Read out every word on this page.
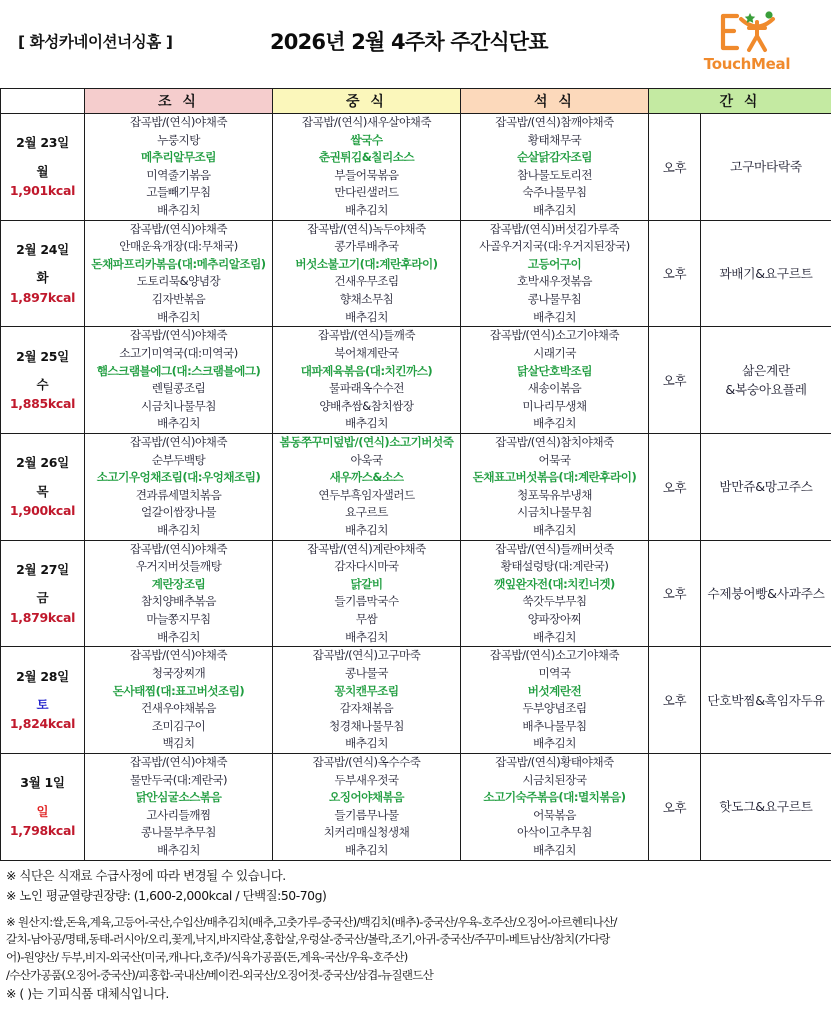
[ 화성카네이션너싱홈 ]	2026년 2월 4주차 주간식단표
TouchMeal
	조 식	중 식	석 식	간 식	

2월 23일
월
1,901kcal

잡곡밥/(연식)야채죽
누룽지탕
메추리알무조림
미역줄기볶음
고들빼기무침
배추김치

잡곡밥/(연식)새우살야채죽
쌀국수
춘권튀김&칠리소스
부들어묵볶음
만다린샐러드
배추김치

잡곡밥/(연식)참깨야채죽
황태채무국
순살닭감자조림
참나물도토리전
숙주나물무침
배추김치
	오후	고구마타락죽

2월 24일
화
1,897kcal

잡곡밥/(연식)야채죽
안매운육개장(대:무채국)
돈채파프리카볶음(대:메추리알조림)
도토리묵&양념장
김자반볶음
배추김치

잡곡밥/(연식)녹두야채죽
콩가루배추국
버섯소불고기(대:계란후라이)
건새우무조림
향채소무침
배추김치

잡곡밥/(연식)버섯김가루죽
사골우거지국(대:우거지된장국)
고등어구이
호박새우젓볶음
콩나물무침
배추김치
	오후	꽈배기&요구르트

2월 25일
수
1,885kcal

잡곡밥/(연식)야채죽
소고기미역국(대:미역국)
햄스크램블에그(대:스크램블에그)
렌틸콩조림
시금치나물무침
배추김치

잡곡밥/(연식)들깨죽
북어채계란국
대파제육볶음(대:치킨까스)
물파래옥수수전
양배추쌈&참치쌈장
배추김치

잡곡밥/(연식)소고기야채죽
시래기국
닭살단호박조림
새송이볶음
미나리무생채
배추김치
	오후	삶은계란
&복숭아요플레

2월 26일
목
1,900kcal

잡곡밥/(연식)야채죽
순부두백탕
소고기우엉채조림(대:우엉채조림)
견과류세멸치볶음
얼갈이쌈장나물
배추김치

봄동쭈꾸미덮밥/(연식)소고기버섯죽
아욱국
새우까스&소스
연두부흑임자샐러드
요구르트
배추김치

잡곡밥/(연식)참치야채죽
어묵국
돈채표고버섯볶음(대:계란후라이)
청포묵유부냉채
시금치나물무침
배추김치
	오후	밤만쥬&망고주스

2월 27일
금
1,879kcal

잡곡밥/(연식)야채죽
우거지버섯들깨탕
계란장조림
참치양배추볶음
마늘쫑지무침
배추김치

잡곡밥/(연식)계란야채죽
감자다시마국
닭갈비
들기름막국수
무쌈
배추김치

잡곡밥/(연식)들깨버섯죽
황태설렁탕(대:계란국)
깻잎완자전(대:치킨너겟)
쑥갓두부무침
양파장아찌
배추김치
	오후	수제붕어빵&사과주스

2월 28일
토
1,824kcal

잡곡밥/(연식)야채죽
청국장찌개
돈사태찜(대:표고버섯조림)
건새우야채볶음
조미김구이
백김치

잡곡밥/(연식)고구마죽
콩나물국
꽁치캔무조림
감자채볶음
청경채나물무침
배추김치

잡곡밥/(연식)소고기야채죽
미역국
버섯계란전
두부양념조림
배추나물무침
배추김치
	오후	단호박찜&흑임자두유

3월 1일
일
1,798kcal

잡곡밥/(연식)야채죽
물만두국(대:계란국)
닭안심굴소스볶음
고사리들깨찜
콩나물부추무침
배추김치

잡곡밥/(연식)옥수수죽
두부새우젓국
오징어야채볶음
들기름무나물
치커리매실청생채
배추김치

잡곡밥/(연식)황태야채죽
시금치된장국
소고기숙주볶음(대:멸치볶음)
어묵볶음
아삭이고추무침
배추김치
	오후	핫도그&요구르트
※ 식단은 식재료 수급사정에 따라 변경될 수 있습니다.
※ 노인 평균열량권장량: (1,600-2,000kcal / 단백질:50-70g)
※ 원산지:쌀,돈육,계육,고등어-국산,수입산/배추김치(배추,고춧가루-중국산)/백김치(배추)-중국산/우육-호주산/오징어-아르헨티나산/
갈치-남아공/명태,동태-러시아/오리,꽃게,낙지,바지락살,홍합살,우렁살-중국산/볼락,조기,아귀-중국산/주꾸미-베트남산/참치(가다랑
어)-원양산/ 두부,비지-외국산(미국,캐나다,호주)/식육가공품(돈,계육-국산/우육-호주산)
/수산가공품(오징어-중국산)/피홍합-국내산/베이컨-외국산/오징어젓-중국산/삼겹-뉴질랜드산
※ ( )는 기피식품 대체식입니다.
